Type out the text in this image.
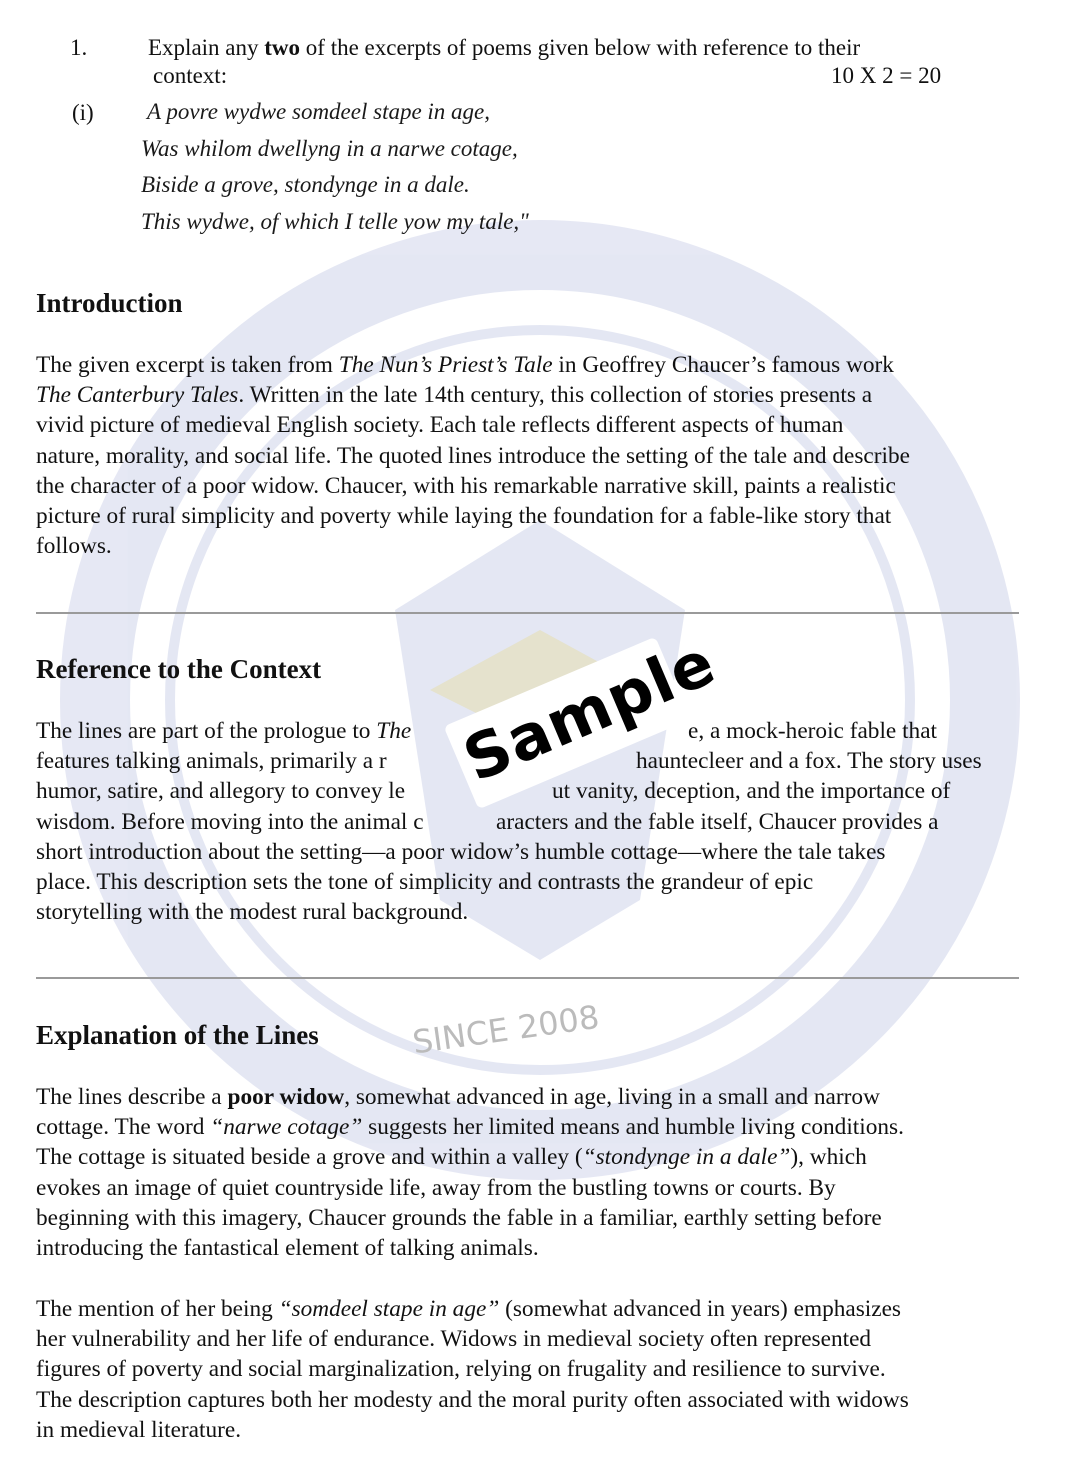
SINCE 2008
1.	Explain any two of the excerpts of poems given below with reference to their
context:	10 X 2 = 20
(i) A povre wydwe somdeel stape in age,
Was whilom dwellyng in a narwe cotage,
Biside a grove, stondynge in a dale.
This wydwe, of which I telle yow my tale,"
Introduction
The given excerpt is taken from The Nun’s Priest’s Tale in Geoffrey Chaucer’s famous work
The Canterbury Tales. Written in the late 14th century, this collection of stories presents a
vivid picture of medieval English society. Each tale reflects different aspects of human
nature, morality, and social life. The quoted lines introduce the setting of the tale and describe
the character of a poor widow. Chaucer, with his remarkable narrative skill, paints a realistic
picture of rural simplicity and poverty while laying the foundation for a fable-like story that
follows.
Reference to the Context
The lines are part of the prologue to The	e, a mock-heroic fable that
features talking animals, primarily a r	hauntecleer and a fox. The story uses
humor, satire, and allegory to convey le	ut vanity, deception, and the importance of
wisdom. Before moving into the animal c	aracters and the fable itself, Chaucer provides a
short introduction about the setting—a poor widow’s humble cottage—where the tale takes
place. This description sets the tone of simplicity and contrasts the grandeur of epic
storytelling with the modest rural background.
Explanation of the Lines
The lines describe a poor widow, somewhat advanced in age, living in a small and narrow
cottage. The word “narwe cotage” suggests her limited means and humble living conditions.
The cottage is situated beside a grove and within a valley (“stondynge in a dale”), which
evokes an image of quiet countryside life, away from the bustling towns or courts. By
beginning with this imagery, Chaucer grounds the fable in a familiar, earthly setting before
introducing the fantastical element of talking animals.
The mention of her being “somdeel stape in age” (somewhat advanced in years) emphasizes
her vulnerability and her life of endurance. Widows in medieval society often represented
figures of poverty and social marginalization, relying on frugality and resilience to survive.
The description captures both her modesty and the moral purity often associated with widows
in medieval literature.
Sample
